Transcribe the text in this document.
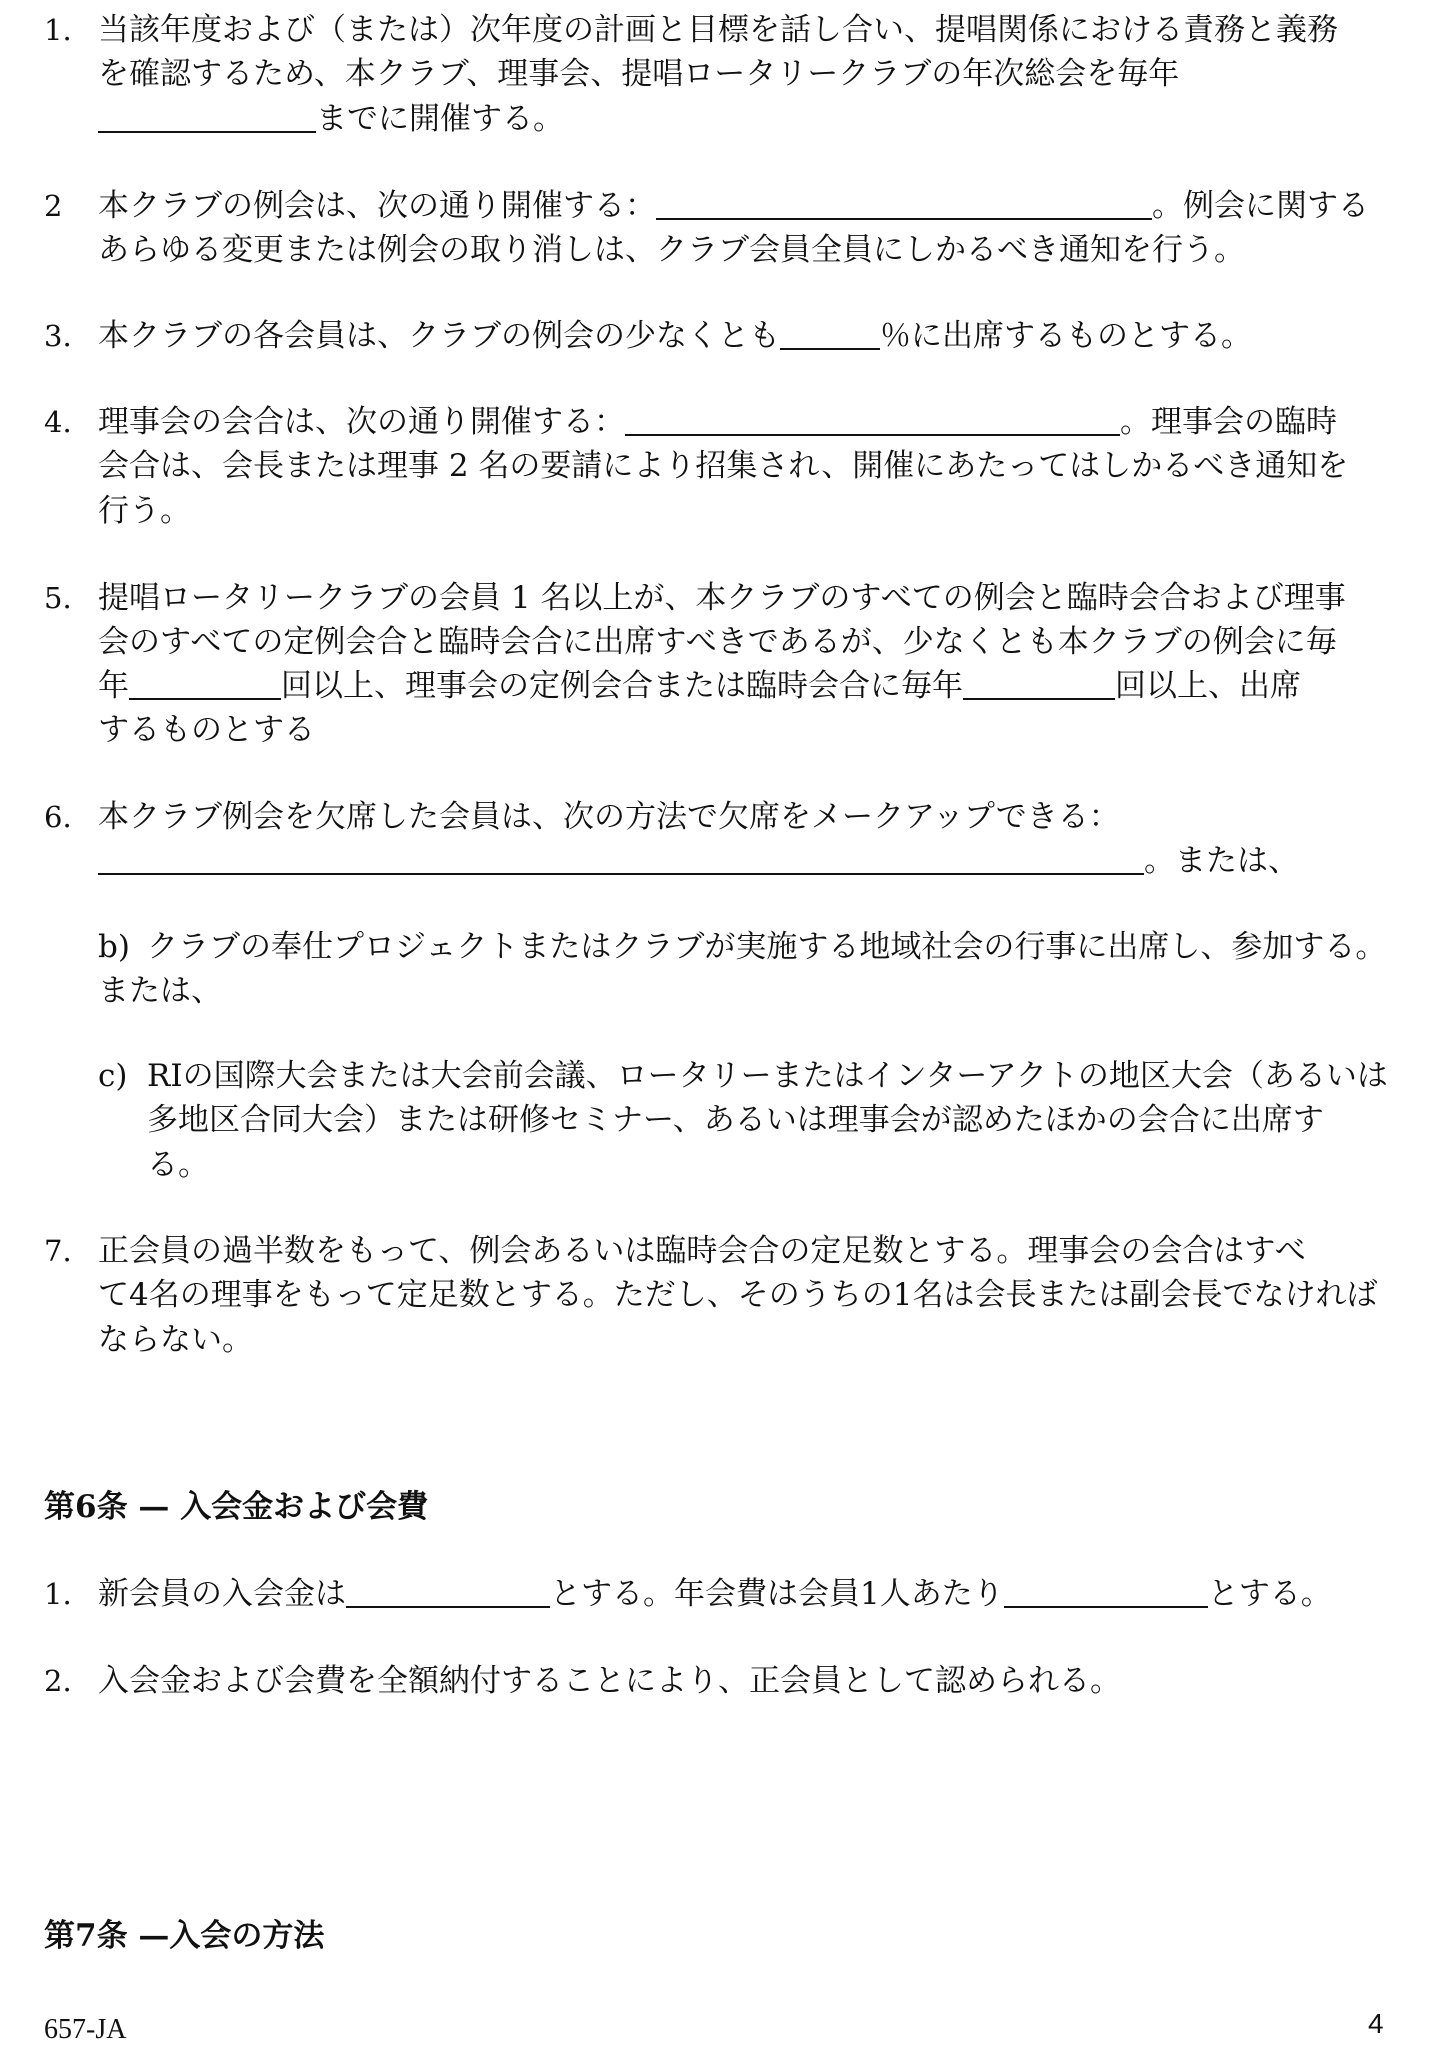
1. 当該年度および（または）次年度の計画と目標を話し合い、提唱関係における責務と義務
を確認するため、本クラブ、理事会、提唱ロータリークラブの年次総会を毎年
までに開催する。
2 本クラブの例会は、次の通り開催する：	。例会に関する
あらゆる変更または例会の取り消しは、クラブ会員全員にしかるべき通知を行う。
3. 本クラブの各会員は、クラブの例会の少なくとも	％に出席するものとする。
4. 理事会の会合は、次の通り開催する：	。理事会の臨時
会合は、会長または理事 2 名の要請により招集され、開催にあたってはしかるべき通知を
行う。
5. 提唱ロータリークラブの会員 1 名以上が、本クラブのすべての例会と臨時会合および理事
会のすべての定例会合と臨時会合に出席すべきであるが、少なくとも本クラブの例会に毎
年	回以上、理事会の定例会合または臨時会合に毎年	回以上、出席
するものとする
6. 本クラブ例会を欠席した会員は、次の方法で欠席をメークアップできる：
。または、
b) クラブの奉仕プロジェクトまたはクラブが実施する地域社会の行事に出席し、参加する。
または、
c) RIの国際大会または大会前会議、ロータリーまたはインターアクトの地区大会（あるいは
多地区合同大会）または研修セミナー、あるいは理事会が認めたほかの会合に出席す
る。
7. 正会員の過半数をもって、例会あるいは臨時会合の定足数とする。理事会の会合はすべ
て4名の理事をもって定足数とする。ただし、そのうちの1名は会長または副会長でなければ
ならない。
第6条 — 入会金および会費
1. 新会員の入会金は	とする。年会費は会員1人あたり	とする。
2. 入会金および会費を全額納付することにより、正会員として認められる。
第7条 —入会の方法
657-JA	4
